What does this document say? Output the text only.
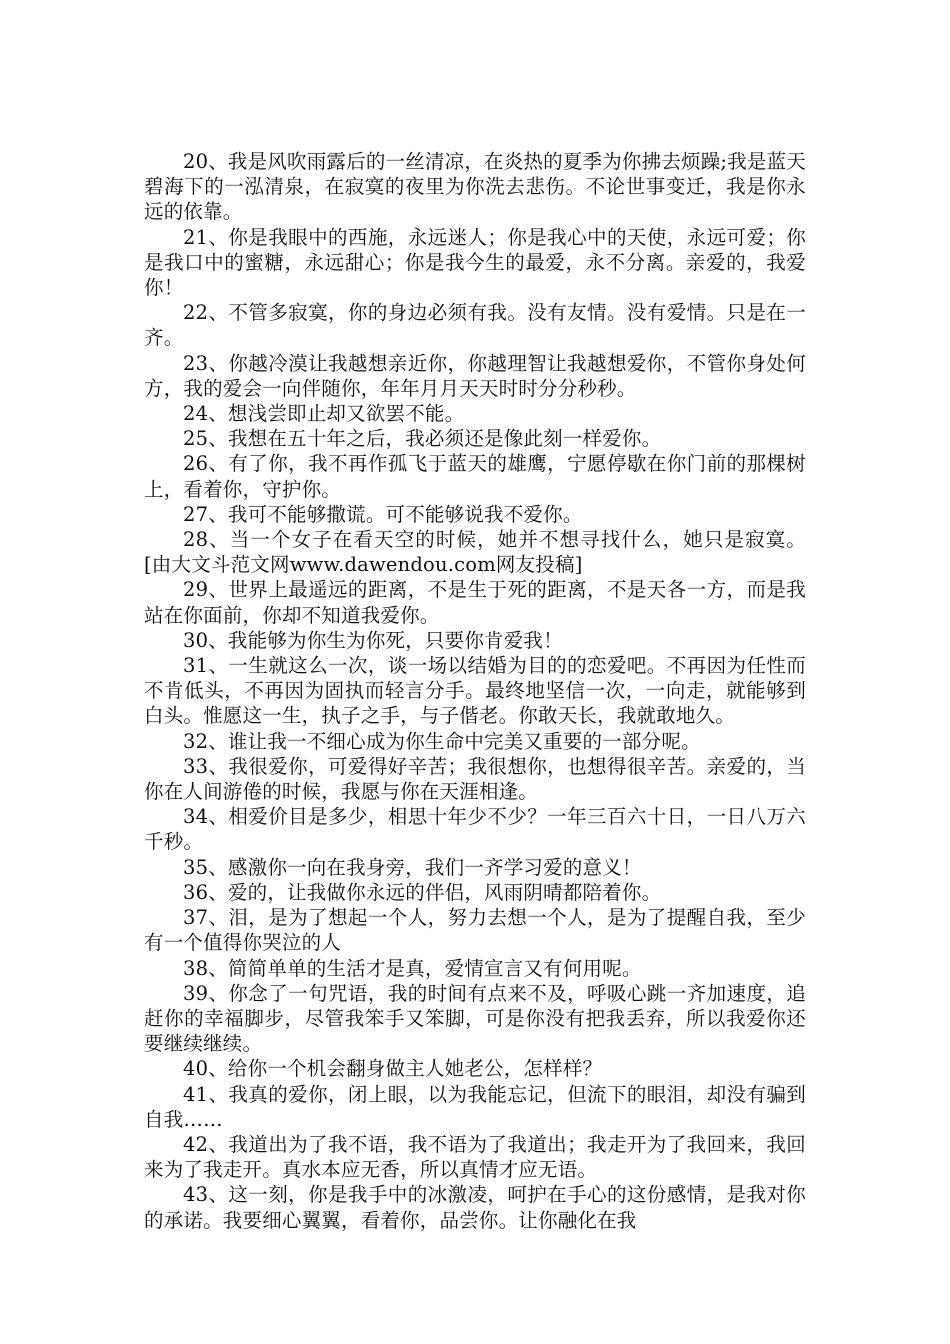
20、我是风吹雨露后的一丝清凉，在炎热的夏季为你拂去烦躁;我是蓝天碧海下的一泓清泉，在寂寞的夜里为你洗去悲伤。不论世事变迁，我是你永远的依靠。

21、你是我眼中的西施，永远迷人；你是我心中的天使，永远可爱；你是我口中的蜜糖，永远甜心；你是我今生的最爱，永不分离。亲爱的，我爱你！

22、不管多寂寞，你的身边必须有我。没有友情。没有爱情。只是在一齐。

23、你越冷漠让我越想亲近你，你越理智让我越想爱你，不管你身处何方，我的爱会一向伴随你，年年月月天天时时分分秒秒。

24、想浅尝即止却又欲罢不能。

25、我想在五十年之后，我必须还是像此刻一样爱你。

26、有了你，我不再作孤飞于蓝天的雄鹰，宁愿停歇在你门前的那棵树上，看着你，守护你。

27、我可不能够撒谎。可不能够说我不爱你。

28、当一个女子在看天空的时候，她并不想寻找什么，她只是寂寞。[由大文斗范文网www.dawendou.com网友投稿]

29、世界上最遥远的距离，不是生于死的距离，不是天各一方，而是我站在你面前，你却不知道我爱你。

30、我能够为你生为你死，只要你肯爱我！

31、一生就这么一次，谈一场以结婚为目的的恋爱吧。不再因为任性而不肯低头，不再因为固执而轻言分手。最终地坚信一次，一向走，就能够到白头。惟愿这一生，执子之手，与子偕老。你敢天长，我就敢地久。

32、谁让我一不细心成为你生命中完美又重要的一部分呢。

33、我很爱你，可爱得好辛苦；我很想你，也想得很辛苦。亲爱的，当你在人间游倦的时候，我愿与你在天涯相逢。

34、相爱价目是多少，相思十年少不少？一年三百六十日，一日八万六千秒。

35、感激你一向在我身旁，我们一齐学习爱的意义！

36、爱的，让我做你永远的伴侣，风雨阴晴都陪着你。

37、泪，是为了想起一个人，努力去想一个人，是为了提醒自我，至少有一个值得你哭泣的人

38、简简单单的生活才是真，爱情宣言又有何用呢。

39、你念了一句咒语，我的时间有点来不及，呼吸心跳一齐加速度，追赶你的幸福脚步，尽管我笨手又笨脚，可是你没有把我丢弃，所以我爱你还要继续继续。

40、给你一个机会翻身做主人她老公，怎样样？

41、我真的爱你，闭上眼，以为我能忘记，但流下的眼泪，却没有骗到自我……

42、我道出为了我不语，我不语为了我道出；我走开为了我回来，我回来为了我走开。真水本应无香，所以真情才应无语。

43、这一刻，你是我手中的冰激凌，呵护在手心的这份感情，是我对你的承诺。我要细心翼翼，看着你，品尝你。让你融化在我
